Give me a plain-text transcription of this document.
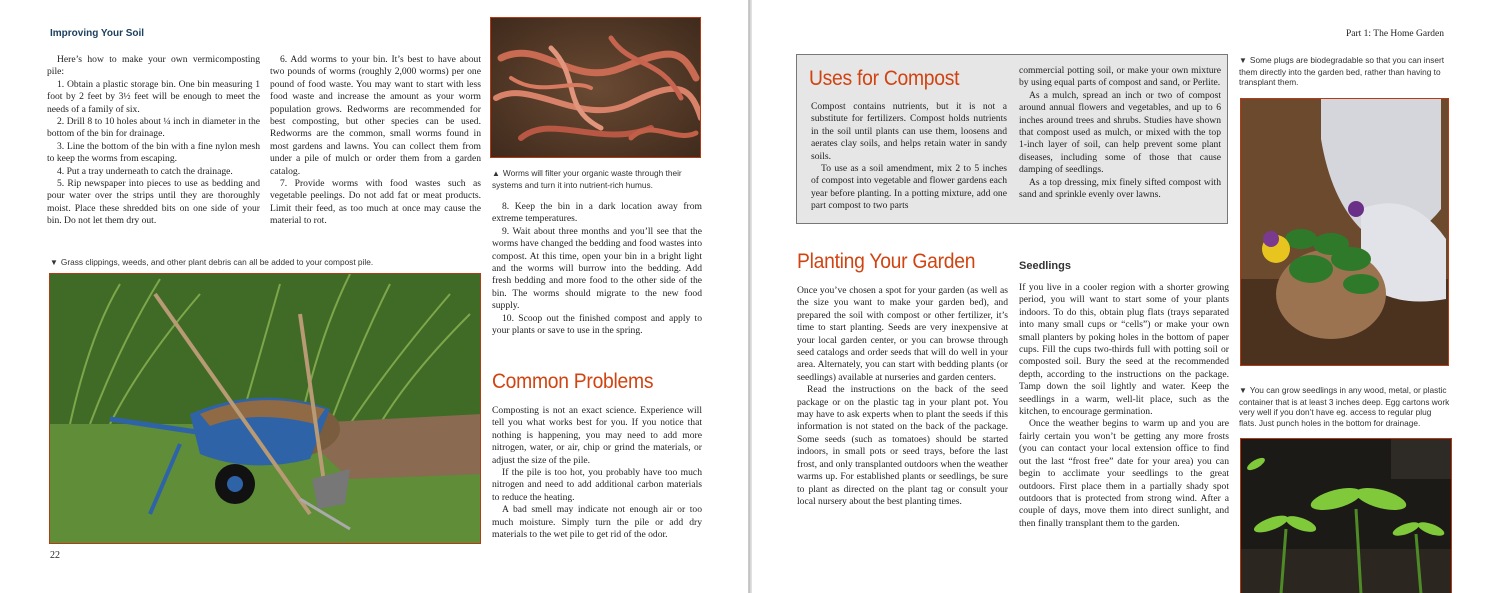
Improving Your Soil
Here’s how to make your own vermicomposting pile:
1. Obtain a plastic storage bin. One bin measuring 1 foot by 2 feet by 3½ feet will be enough to meet the needs of a family of six.
2. Drill 8 to 10 holes about ¼ inch in diameter in the bottom of the bin for drainage.
3. Line the bottom of the bin with a fine nylon mesh to keep the worms from escaping.
4. Put a tray underneath to catch the drainage.
5. Rip newspaper into pieces to use as bedding and pour water over the strips until they are thoroughly moist. Place these shredded bits on one side of your bin. Do not let them dry out.
6. Add worms to your bin. It’s best to have about two pounds of worms (roughly 2,000 worms) per one pound of food waste. You may want to start with less food waste and increase the amount as your worm population grows. Redworms are recommended for best composting, but other species can be used. Redworms are the common, small worms found in most gardens and lawns. You can collect them from under a pile of mulch or order them from a garden catalog.
7. Provide worms with food wastes such as vegetable peelings. Do not add fat or meat products. Limit their feed, as too much at once may cause the material to rot.
▲ Worms will filter your organic waste through their systems and turn it into nutrient-rich humus.
8. Keep the bin in a dark location away from extreme temperatures.
9. Wait about three months and you’ll see that the worms have changed the bedding and food wastes into compost. At this time, open your bin in a bright light and the worms will burrow into the bedding. Add fresh bedding and more food to the other side of the bin. The worms should migrate to the new food supply.
10. Scoop out the finished compost and apply to your plants or save to use in the spring.
▼ Grass clippings, weeds, and other plant debris can all be added to your compost pile.
22
Common Problems
Composting is not an exact science. Experience will tell you what works best for you. If you notice that nothing is happening, you may need to add more nitrogen, water, or air, chip or grind the materials, or adjust the size of the pile.
If the pile is too hot, you probably have too much nitrogen and need to add additional carbon materials to reduce the heating.
A bad smell may indicate not enough air or too much moisture. Simply turn the pile or add dry materials to the wet pile to get rid of the odor.
Part 1: The Home Garden
Uses for Compost
Compost contains nutrients, but it is not a substitute for fertilizers. Compost holds nutrients in the soil until plants can use them, loosens and aerates clay soils, and helps retain water in sandy soils.
To use as a soil amendment, mix 2 to 5 inches of compost into vegetable and flower gardens each year before planting. In a potting mixture, add one part compost to two parts
commercial potting soil, or make your own mixture by using equal parts of compost and sand, or Perlite.
As a mulch, spread an inch or two of compost around annual flowers and vegetables, and up to 6 inches around trees and shrubs. Studies have shown that compost used as mulch, or mixed with the top 1-inch layer of soil, can help prevent some plant diseases, including some of those that cause damping of seedlings.
As a top dressing, mix finely sifted compost with sand and sprinkle evenly over lawns.
Planting Your Garden
Once you’ve chosen a spot for your garden (as well as the size you want to make your garden bed), and prepared the soil with compost or other fertilizer, it’s time to start planting. Seeds are very inexpensive at your local garden center, or you can browse through seed catalogs and order seeds that will do well in your area. Alternately, you can start with bedding plants (or seedlings) available at nurseries and garden centers.
Read the instructions on the back of the seed package or on the plastic tag in your plant pot. You may have to ask experts when to plant the seeds if this information is not stated on the back of the package. Some seeds (such as tomatoes) should be started indoors, in small pots or seed trays, before the last frost, and only transplanted outdoors when the weather warms up. For established plants or seedlings, be sure to plant as directed on the plant tag or consult your local nursery about the best planting times.
Seedlings
If you live in a cooler region with a shorter growing period, you will want to start some of your plants indoors. To do this, obtain plug flats (trays separated into many small cups or “cells”) or make your own small planters by poking holes in the bottom of paper cups. Fill the cups two-thirds full with potting soil or composted soil. Bury the seed at the recommended depth, according to the instructions on the package. Tamp down the soil lightly and water. Keep the seedlings in a warm, well-lit place, such as the kitchen, to encourage germination.
Once the weather begins to warm up and you are fairly certain you won’t be getting any more frosts (you can contact your local extension office to find out the last “frost free” date for your area) you can begin to acclimate your seedlings to the great outdoors. First place them in a partially shady spot outdoors that is protected from strong wind. After a couple of days, move them into direct sunlight, and then finally transplant them to the garden.
▼ Some plugs are biodegradable so that you can insert them directly into the garden bed, rather than having to transplant them.
▼ You can grow seedlings in any wood, metal, or plastic container that is at least 3 inches deep. Egg cartons work very well if you don’t have eg. access to regular plug flats. Just punch holes in the bottom for drainage.
